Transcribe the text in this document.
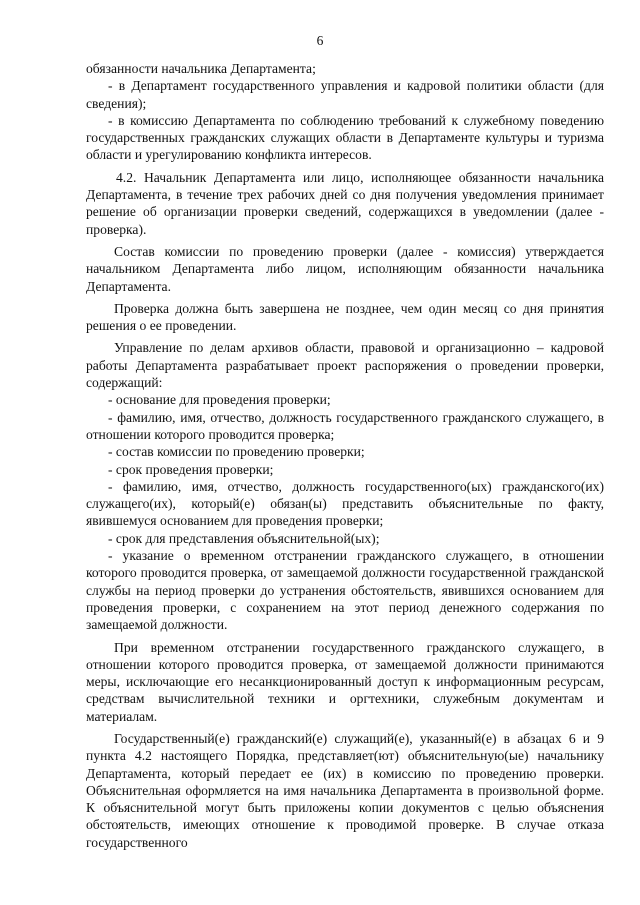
6

обязанности начальника Департамента;

- в Департамент государственного управления и кадровой политики области (для сведения);

- в комиссию Департамента по соблюдению требований к служебному поведению государственных гражданских служащих области в Департаменте культуры и туризма области и урегулированию конфликта интересов.

4.2. Начальник Департамента или лицо, исполняющее обязанности начальника Департамента, в течение трех рабочих дней со дня получения уведомления принимает решение об организации проверки сведений, содержащихся в уведомлении (далее - проверка).

Состав комиссии по проведению проверки (далее - комиссия) утверждается начальником Департамента либо лицом, исполняющим обязанности начальника Департамента.

Проверка должна быть завершена не позднее, чем один месяц со дня принятия решения о ее проведении.

Управление по делам архивов области, правовой и организационно – кадровой работы Департамента разрабатывает проект распоряжения о проведении проверки, содержащий:

- основание для проведения проверки;

- фамилию, имя, отчество, должность государственного гражданского служащего, в отношении которого проводится проверка;

- состав комиссии по проведению проверки;

- срок проведения проверки;

- фамилию, имя, отчество, должность государственного(ых) гражданского(их) служащего(их), который(е) обязан(ы) представить объяснительные по факту, явившемуся основанием для проведения проверки;

- срок для представления объяснительной(ых);

- указание о временном отстранении гражданского служащего, в отношении которого проводится проверка, от замещаемой должности государственной гражданской службы на период проверки до устранения обстоятельств, явившихся основанием для проведения проверки, с сохранением на этот период денежного содержания по замещаемой должности.

При временном отстранении государственного гражданского служащего, в отношении которого проводится проверка, от замещаемой должности принимаются меры, исключающие его несанкционированный доступ к информационным ресурсам, средствам вычислительной техники и оргтехники, служебным документам и материалам.

Государственный(е) гражданский(е) служащий(е), указанный(е) в абзацах 6 и 9 пункта 4.2 настоящего Порядка, представляет(ют) объяснительную(ые) начальнику Департамента, который передает ее (их) в комиссию по проведению проверки. Объяснительная оформляется на имя начальника Департамента в произвольной форме. К объяснительной могут быть приложены копии документов с целью объяснения обстоятельств, имеющих отношение к проводимой проверке. В случае отказа государственного
